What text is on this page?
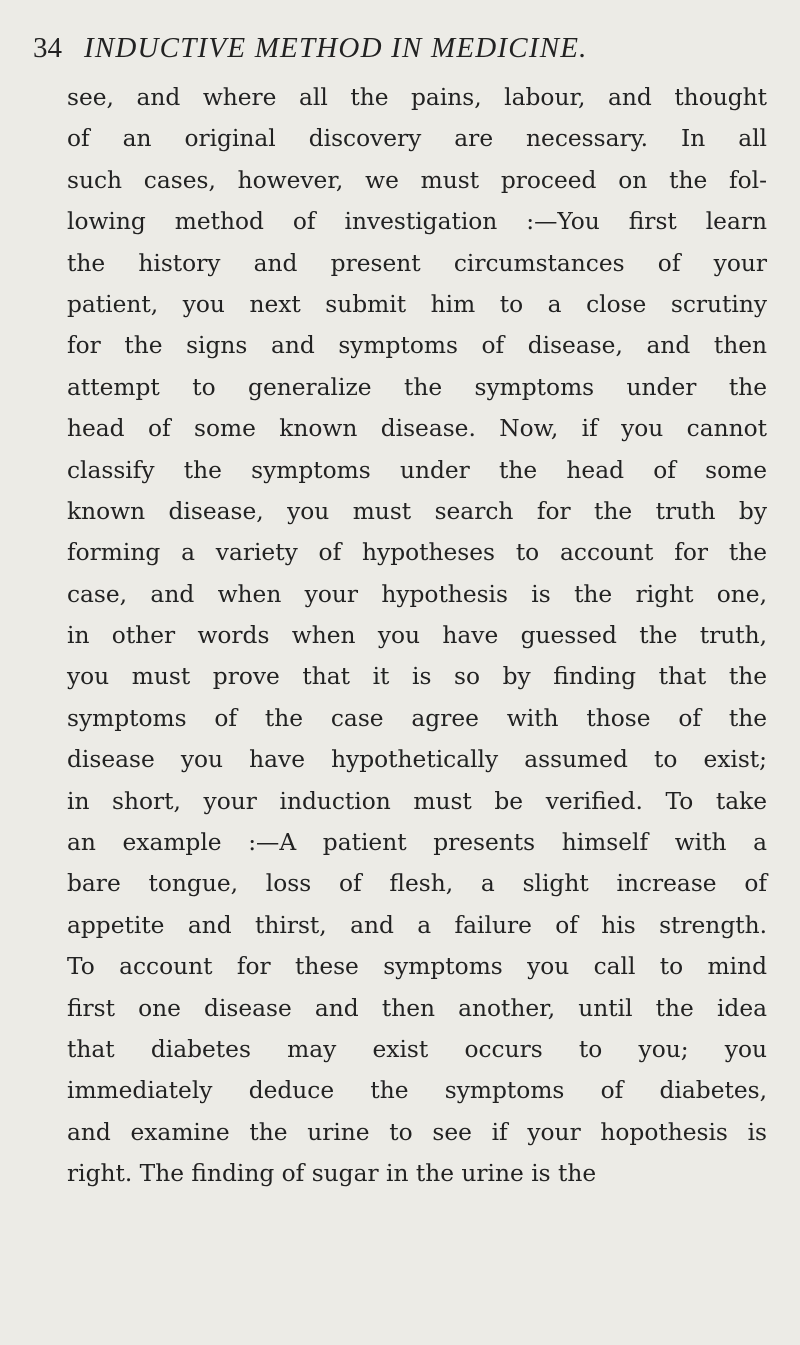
34 INDUCTIVE METHOD IN MEDICINE.
see, and where all the pains, labour, and thought
of an original discovery are necessary. In all
such cases, however, we must proceed on the fol-
lowing method of investigation :—You first learn
the history and present circumstances of your
patient, you next submit him to a close scrutiny
for the signs and symptoms of disease, and then
attempt to generalize the symptoms under the
head of some known disease. Now, if you cannot
classify the symptoms under the head of some
known disease, you must search for the truth by
forming a variety of hypotheses to account for the
case, and when your hypothesis is the right one,
in other words when you have guessed the truth,
you must prove that it is so by finding that the
symptoms of the case agree with those of the
disease you have hypothetically assumed to exist;
in short, your induction must be verified. To take
an example :—A patient presents himself with a
bare tongue, loss of flesh, a slight increase of
appetite and thirst, and a failure of his strength.
To account for these symptoms you call to mind
first one disease and then another, until the idea
that diabetes may exist occurs to you; you
immediately deduce the symptoms of diabetes,
and examine the urine to see if your hopothesis is
right. The finding of sugar in the urine is the
